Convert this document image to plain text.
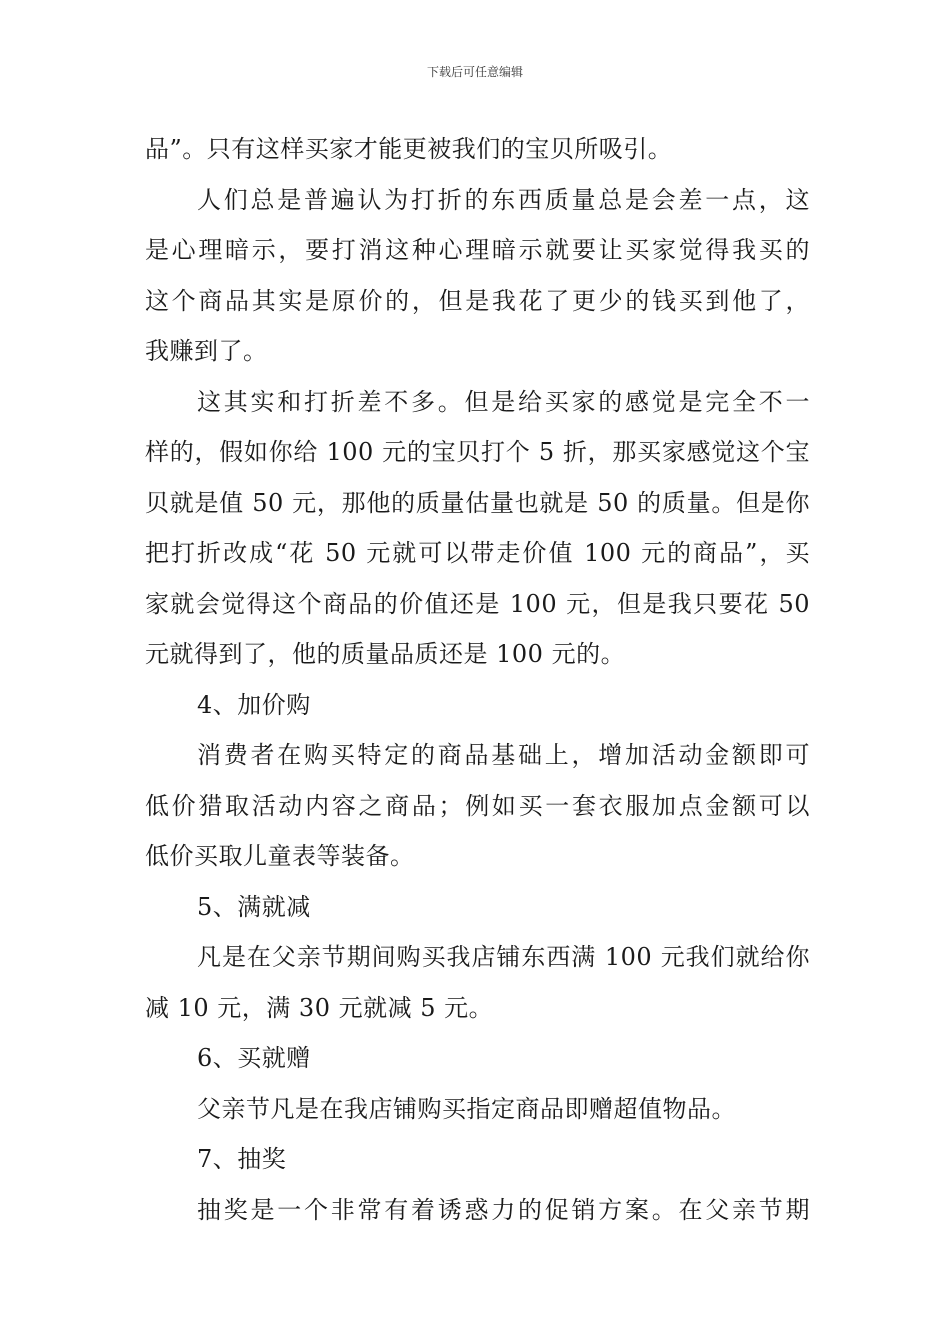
下载后可任意编辑
品”。只有这样买家才能更被我们的宝贝所吸引。
人们总是普遍认为打折的东西质量总是会差一点，这
是心理暗示，要打消这种心理暗示就要让买家觉得我买的
这个商品其实是原价的，但是我花了更少的钱买到他了，
我赚到了。
这其实和打折差不多。但是给买家的感觉是完全不一
样的，假如你给 100 元的宝贝打个 5 折，那买家感觉这个宝
贝就是值 50 元，那他的质量估量也就是 50 的质量。但是你
把打折改成“花 50 元就可以带走价值 100 元的商品”，买
家就会觉得这个商品的价值还是 100 元，但是我只要花 50
元就得到了，他的质量品质还是 100 元的。
4、加价购
消费者在购买特定的商品基础上，增加活动金额即可
低价猎取活动内容之商品；例如买一套衣服加点金额可以
低价买取儿童表等装备。
5、满就减
凡是在父亲节期间购买我店铺东西满 100 元我们就给你
减 10 元，满 30 元就减 5 元。
6、买就赠
父亲节凡是在我店铺购买指定商品即赠超值物品。
7、抽奖
抽奖是一个非常有着诱惑力的促销方案。在父亲节期
